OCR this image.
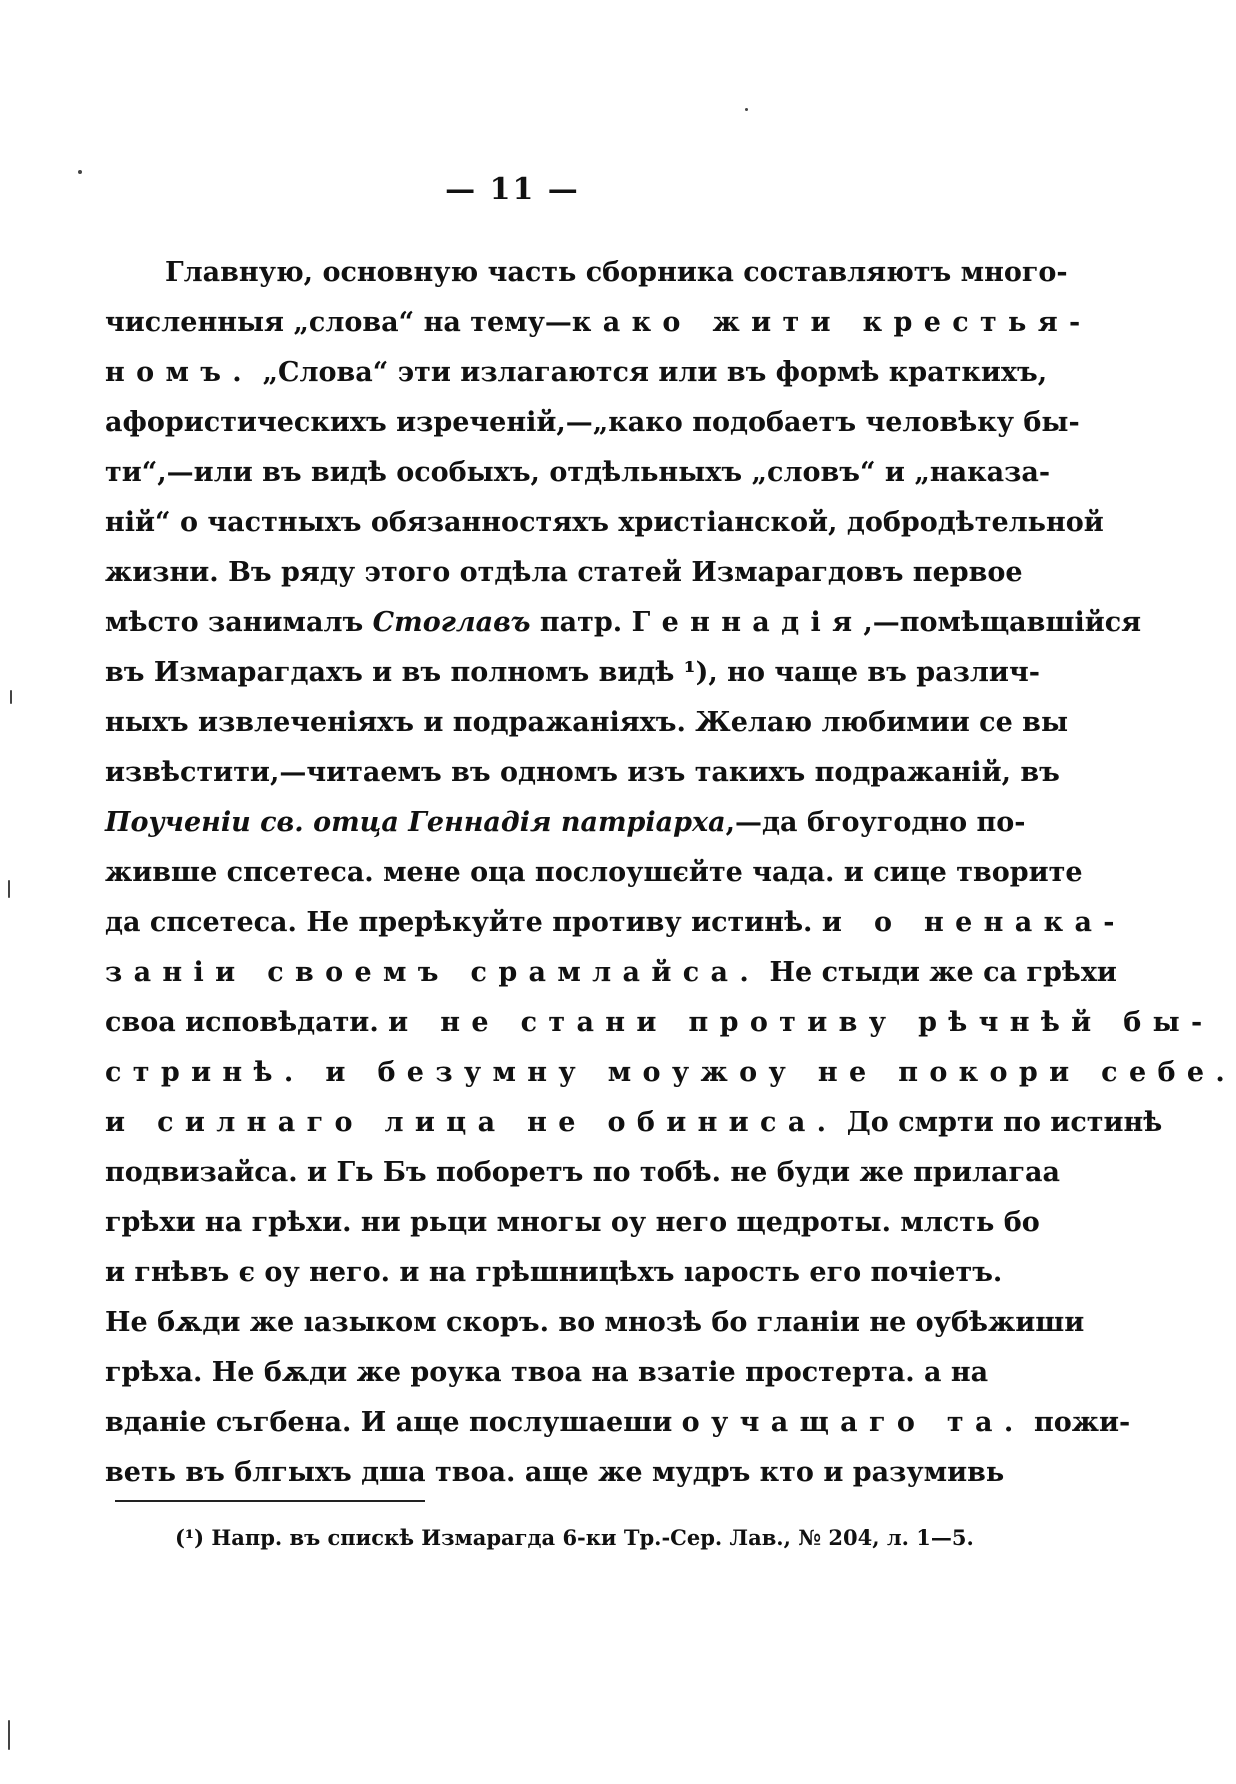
— 11 —
Главную, основную часть сборника составляютъ много-
численныя „слова“ на тему—како жити крестья-
номъ. „Слова“ эти излагаются или въ формѣ краткихъ,
афористическихъ изреченій,—„како подобаетъ человѣку бы-
ти“,—или въ видѣ особыхъ, отдѣльныхъ „словъ“ и „наказа-
ній“ о частныхъ обязанностяхъ христіанской, добродѣтельной
жизни. Въ ряду этого отдѣла статей Измарагдовъ первое
мѣсто занималъ Стоглавъ патр. Геннадія,—помѣщавшійся
въ Измарагдахъ и въ полномъ видѣ ¹), но чаще въ различ-
ныхъ извлеченіяхъ и подражаніяхъ. Желаю любимии се вы
извѣстити,—читаемъ въ одномъ изъ такихъ подражаній, въ
Поученіи св. отца Геннадія патріарха,—да бгоугодно по-
жившe спсетеса. мене оца послоушєйте чада. и сице творите
да спсетеса. Не прерѣкуйте противу истинѣ. и о ненака-
заніи своемъ срамлайса. Не стыди же са грѣхи
своа исповѣдати. и не стани противу рѣчнѣй бы-
стринѣ. и безумну моужоу не покори себе.
и силнаго лица не обиниса. До смрти по истинѣ
подвизайса. и Гь Бъ поборетъ по тобѣ. не буди же прилагаа
грѣхи на грѣхи. ни рьци многы оу него щедроты. млсть бо
и гнѣвъ є оу него. и на грѣшницѣхъ ıарость его почіетъ.
Не бѫди же ıазыком скоръ. во мнозѣ бо гланіи не оубѣжиши
грѣха. Не бѫди же роука твоа на взатіе простерта. а на
вданіе съгбена. И аще послушаеши оучащаго та. пожи-
веть въ блгыхъ дша твоа. аще же мудръ кто и разумивь
(¹) Напр. въ спискѣ Измарагда 6-ки Тр.-Сер. Лав., № 204, л. 1—5.
